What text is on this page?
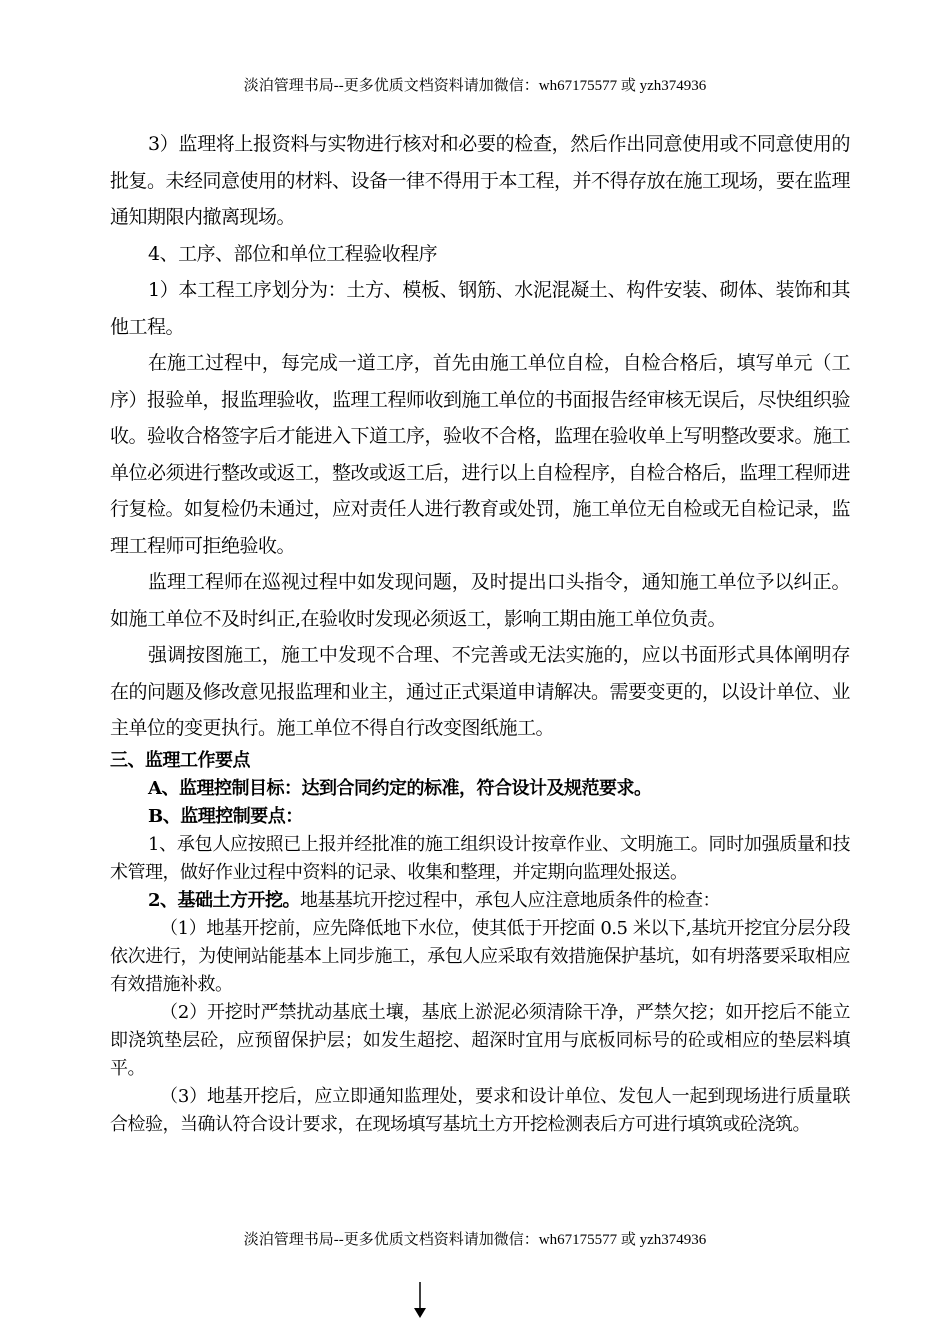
淡泊管理书局--更多优质文档资料请加微信：wh67175577 或 yzh374936

3）监理将上报资料与实物进行核对和必要的检查，然后作出同意使用或不同意使用的批复。未经同意使用的材料、设备一律不得用于本工程，并不得存放在施工现场，要在监理通知期限内撤离现场。

4、工序、部位和单位工程验收程序

1）本工程工序划分为：土方、模板、钢筋、水泥混凝土、构件安装、砌体、装饰和其他工程。

在施工过程中，每完成一道工序，首先由施工单位自检，自检合格后，填写单元（工序）报验单，报监理验收，监理工程师收到施工单位的书面报告经审核无误后，尽快组织验收。验收合格签字后才能进入下道工序，验收不合格，监理在验收单上写明整改要求。施工单位必须进行整改或返工，整改或返工后，进行以上自检程序，自检合格后，监理工程师进行复检。如复检仍未通过，应对责任人进行教育或处罚，施工单位无自检或无自检记录，监理工程师可拒绝验收。

监理工程师在巡视过程中如发现问题，及时提出口头指令，通知施工单位予以纠正。如施工单位不及时纠正,在验收时发现必须返工，影响工期由施工单位负责。

强调按图施工，施工中发现不合理、不完善或无法实施的，应以书面形式具体阐明存在的问题及修改意见报监理和业主，通过正式渠道申请解决。需要变更的，以设计单位、业主单位的变更执行。施工单位不得自行改变图纸施工。

三、监理工作要点

A、监理控制目标：达到合同约定的标准，符合设计及规范要求。

B、监理控制要点：

1、承包人应按照已上报并经批准的施工组织设计按章作业、文明施工。同时加强质量和技术管理，做好作业过程中资料的记录、收集和整理，并定期向监理处报送。

2、基础土方开挖。地基基坑开挖过程中，承包人应注意地质条件的检查：

（1）地基开挖前，应先降低地下水位，使其低于开挖面 0.5 米以下,基坑开挖宜分层分段依次进行，为使闸站能基本上同步施工，承包人应采取有效措施保护基坑，如有坍落要采取相应有效措施补救。

（2）开挖时严禁扰动基底土壤，基底上淤泥必须清除干净，严禁欠挖；如开挖后不能立即浇筑垫层砼，应预留保护层；如发生超挖、超深时宜用与底板同标号的砼或相应的垫层料填平。

（3）地基开挖后，应立即通知监理处，要求和设计单位、发包人一起到现场进行质量联合检验，当确认符合设计要求，在现场填写基坑土方开挖检测表后方可进行填筑或砼浇筑。

淡泊管理书局--更多优质文档资料请加微信：wh67175577 或 yzh374936
